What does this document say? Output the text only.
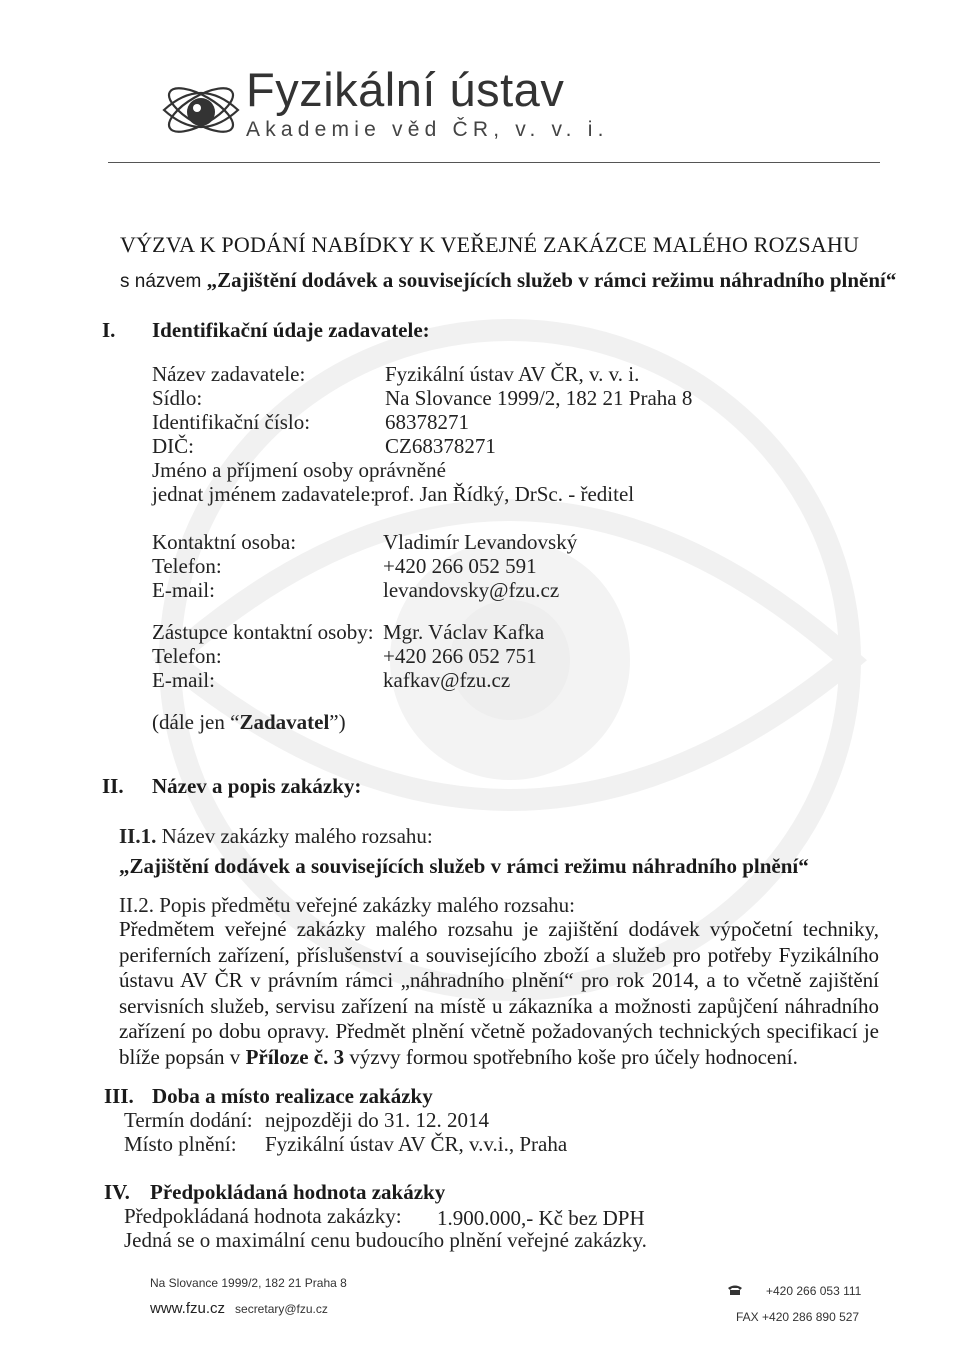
Fyzikální ústav
Akademie věd ČR, v. v. i.
VÝZVA K PODÁNÍ NABÍDKY K VEŘEJNÉ ZAKÁZCE MALÉHO ROZSAHU
s názvem „Zajištění dodávek a souvisejících služeb v rámci režimu náhradního plnění“
I. Identifikační údaje zadavatele:
Název zadavatele:	Fyzikální ústav AV ČR, v. v. i.
Sídlo:	Na Slovance 1999/2, 182 21 Praha 8
Identifikační číslo:	68378271
DIČ:	CZ68378271
Jméno a příjmení osoby oprávněné
jednat jménem zadavatele:
prof. Jan Řídký, DrSc. - ředitel
Kontaktní osoba:	Vladimír Levandovský
Telefon:	+420 266 052 591
E-mail:	levandovsky@fzu.cz
Zástupce kontaktní osoby: Mgr. Václav Kafka
Telefon:	+420 266 052 751
E-mail:	kafkav@fzu.cz
(dále jen “Zadavatel”)
II. Název a popis zakázky:
II.1. Název zakázky malého rozsahu:
„Zajištění dodávek a souvisejících služeb v rámci režimu náhradního plnění“
II.2. Popis předmětu veřejné zakázky malého rozsahu:
Předmětem veřejné zakázky malého rozsahu je zajištění dodávek výpočetní techniky, periferních zařízení, příslušenství a souvisejícího zboží a služeb pro potřeby Fyzikálního ústavu AV ČR v právním rámci „náhradního plnění“ pro rok 2014, a to včetně zajištění servisních služeb, servisu zařízení na místě u zákazníka a možnosti zapůjčení náhradního zařízení po dobu opravy. Předmět plnění včetně požadovaných technických specifikací je blíže popsán v Příloze č. 3 výzvy formou spotřebního koše pro účely hodnocení.
III. Doba a místo realizace zakázky
Termín dodání: nejpozději do 31. 12. 2014
Místo plnění: Fyzikální ústav AV ČR, v.v.i., Praha
IV. Předpokládaná hodnota zakázky
Předpokládaná hodnota zakázky: 1.900.000,- Kč bez DPH
Jedná se o maximální cenu budoucího plnění veřejné zakázky.
Na Slovance 1999/2, 182 21 Praha 8
www.fzu.cz secretary@fzu.cz
+420 266 053 111
FAX +420 286 890 527
